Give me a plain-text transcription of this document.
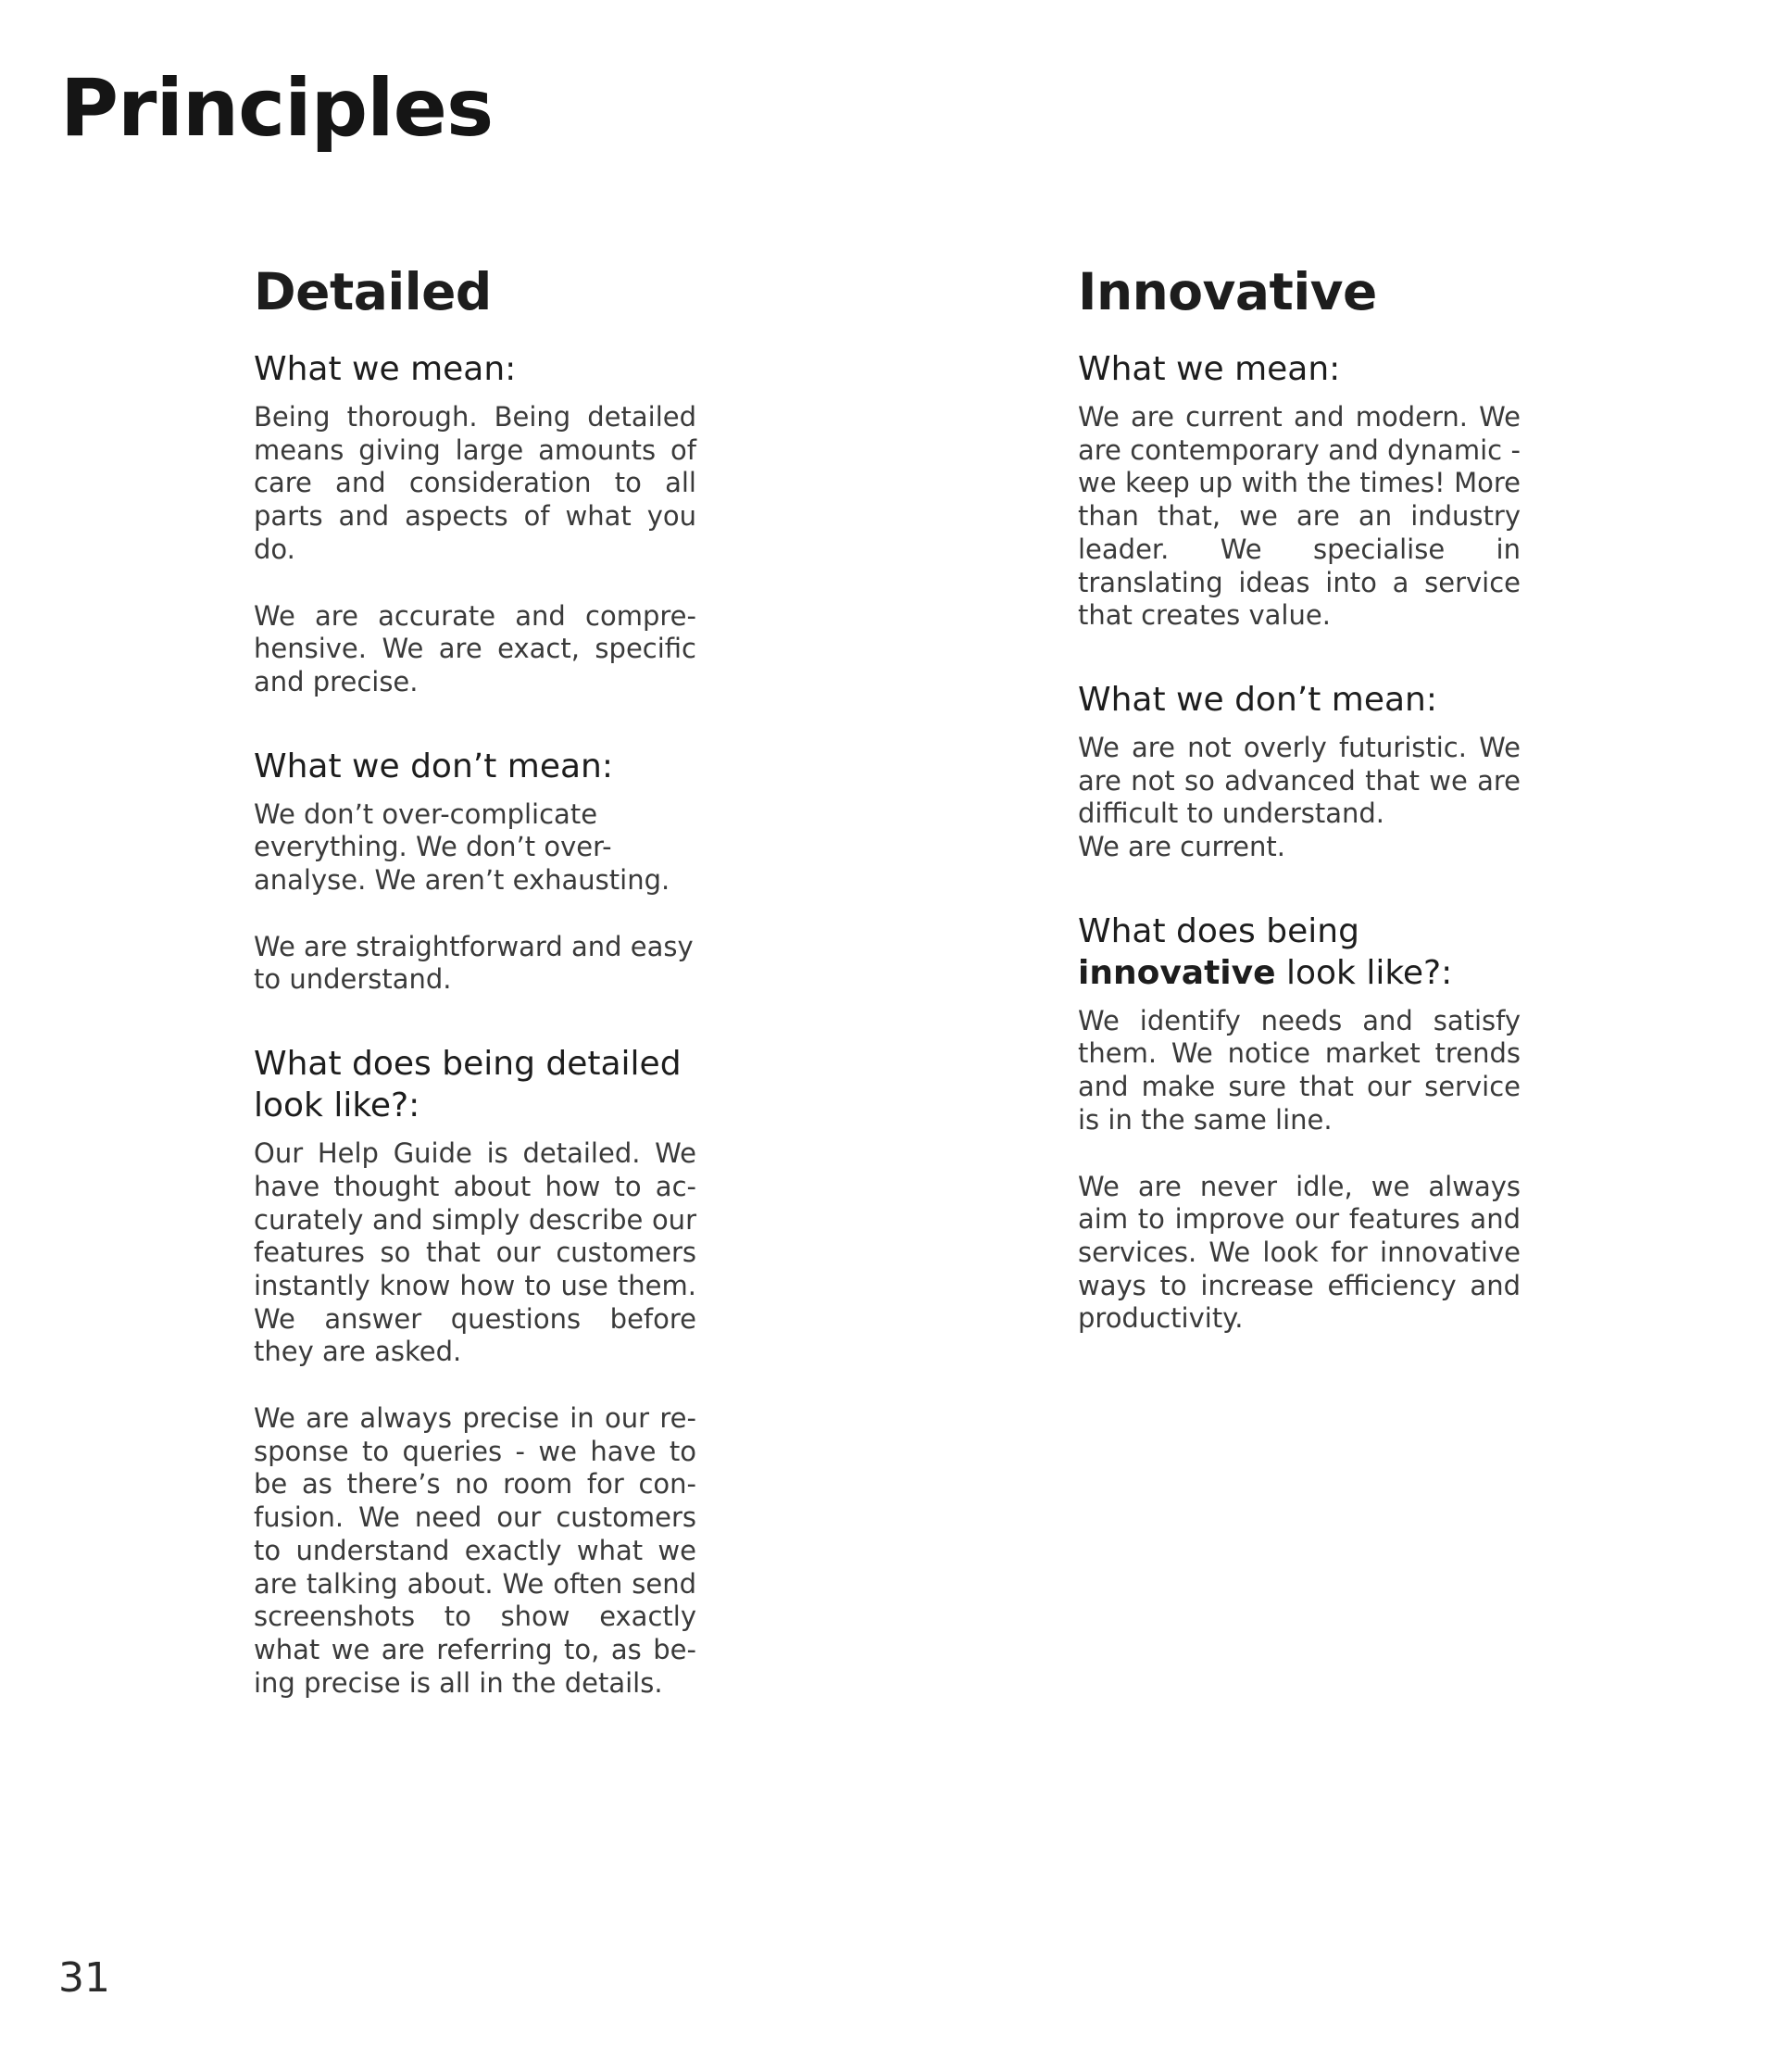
Principles
Detailed
What we mean:

Being thorough. Being detailed means giving large amounts of care and consideration to all parts and aspects of what you do.

We are accurate and comprehensive. We are exact, specific and precise.

What we don’t mean:

We don’t over-complicate everything. We don’t over-analyse. We aren’t exhausting.

We are straightforward and easy to understand.

What does being detailed look like?:

Our Help Guide is detailed. We have thought about how to accurately and simply describe our features so that our customers instantly know how to use them. We answer questions before they are asked.

We are always precise in our response to queries - we have to be as there’s no room for confusion. We need our customers to understand exactly what we are talking about. We often send screenshots to show exactly what we are referring to, as being precise is all in the details.

Innovative
What we mean:

We are current and modern. We are contemporary and dynamic - we keep up with the times! More than that, we are an industry leader. We specialise in translating ideas into a service that creates value.

What we don’t mean:

We are not overly futuristic. We are not so advanced that we are difficult to understand.

We are current.

What does being
innovative look like?:

We identify needs and satisfy them. We notice market trends and make sure that our service is in the same line.

We are never idle, we always aim to improve our features and services. We look for innovative ways to increase efficiency and productivity.

31
